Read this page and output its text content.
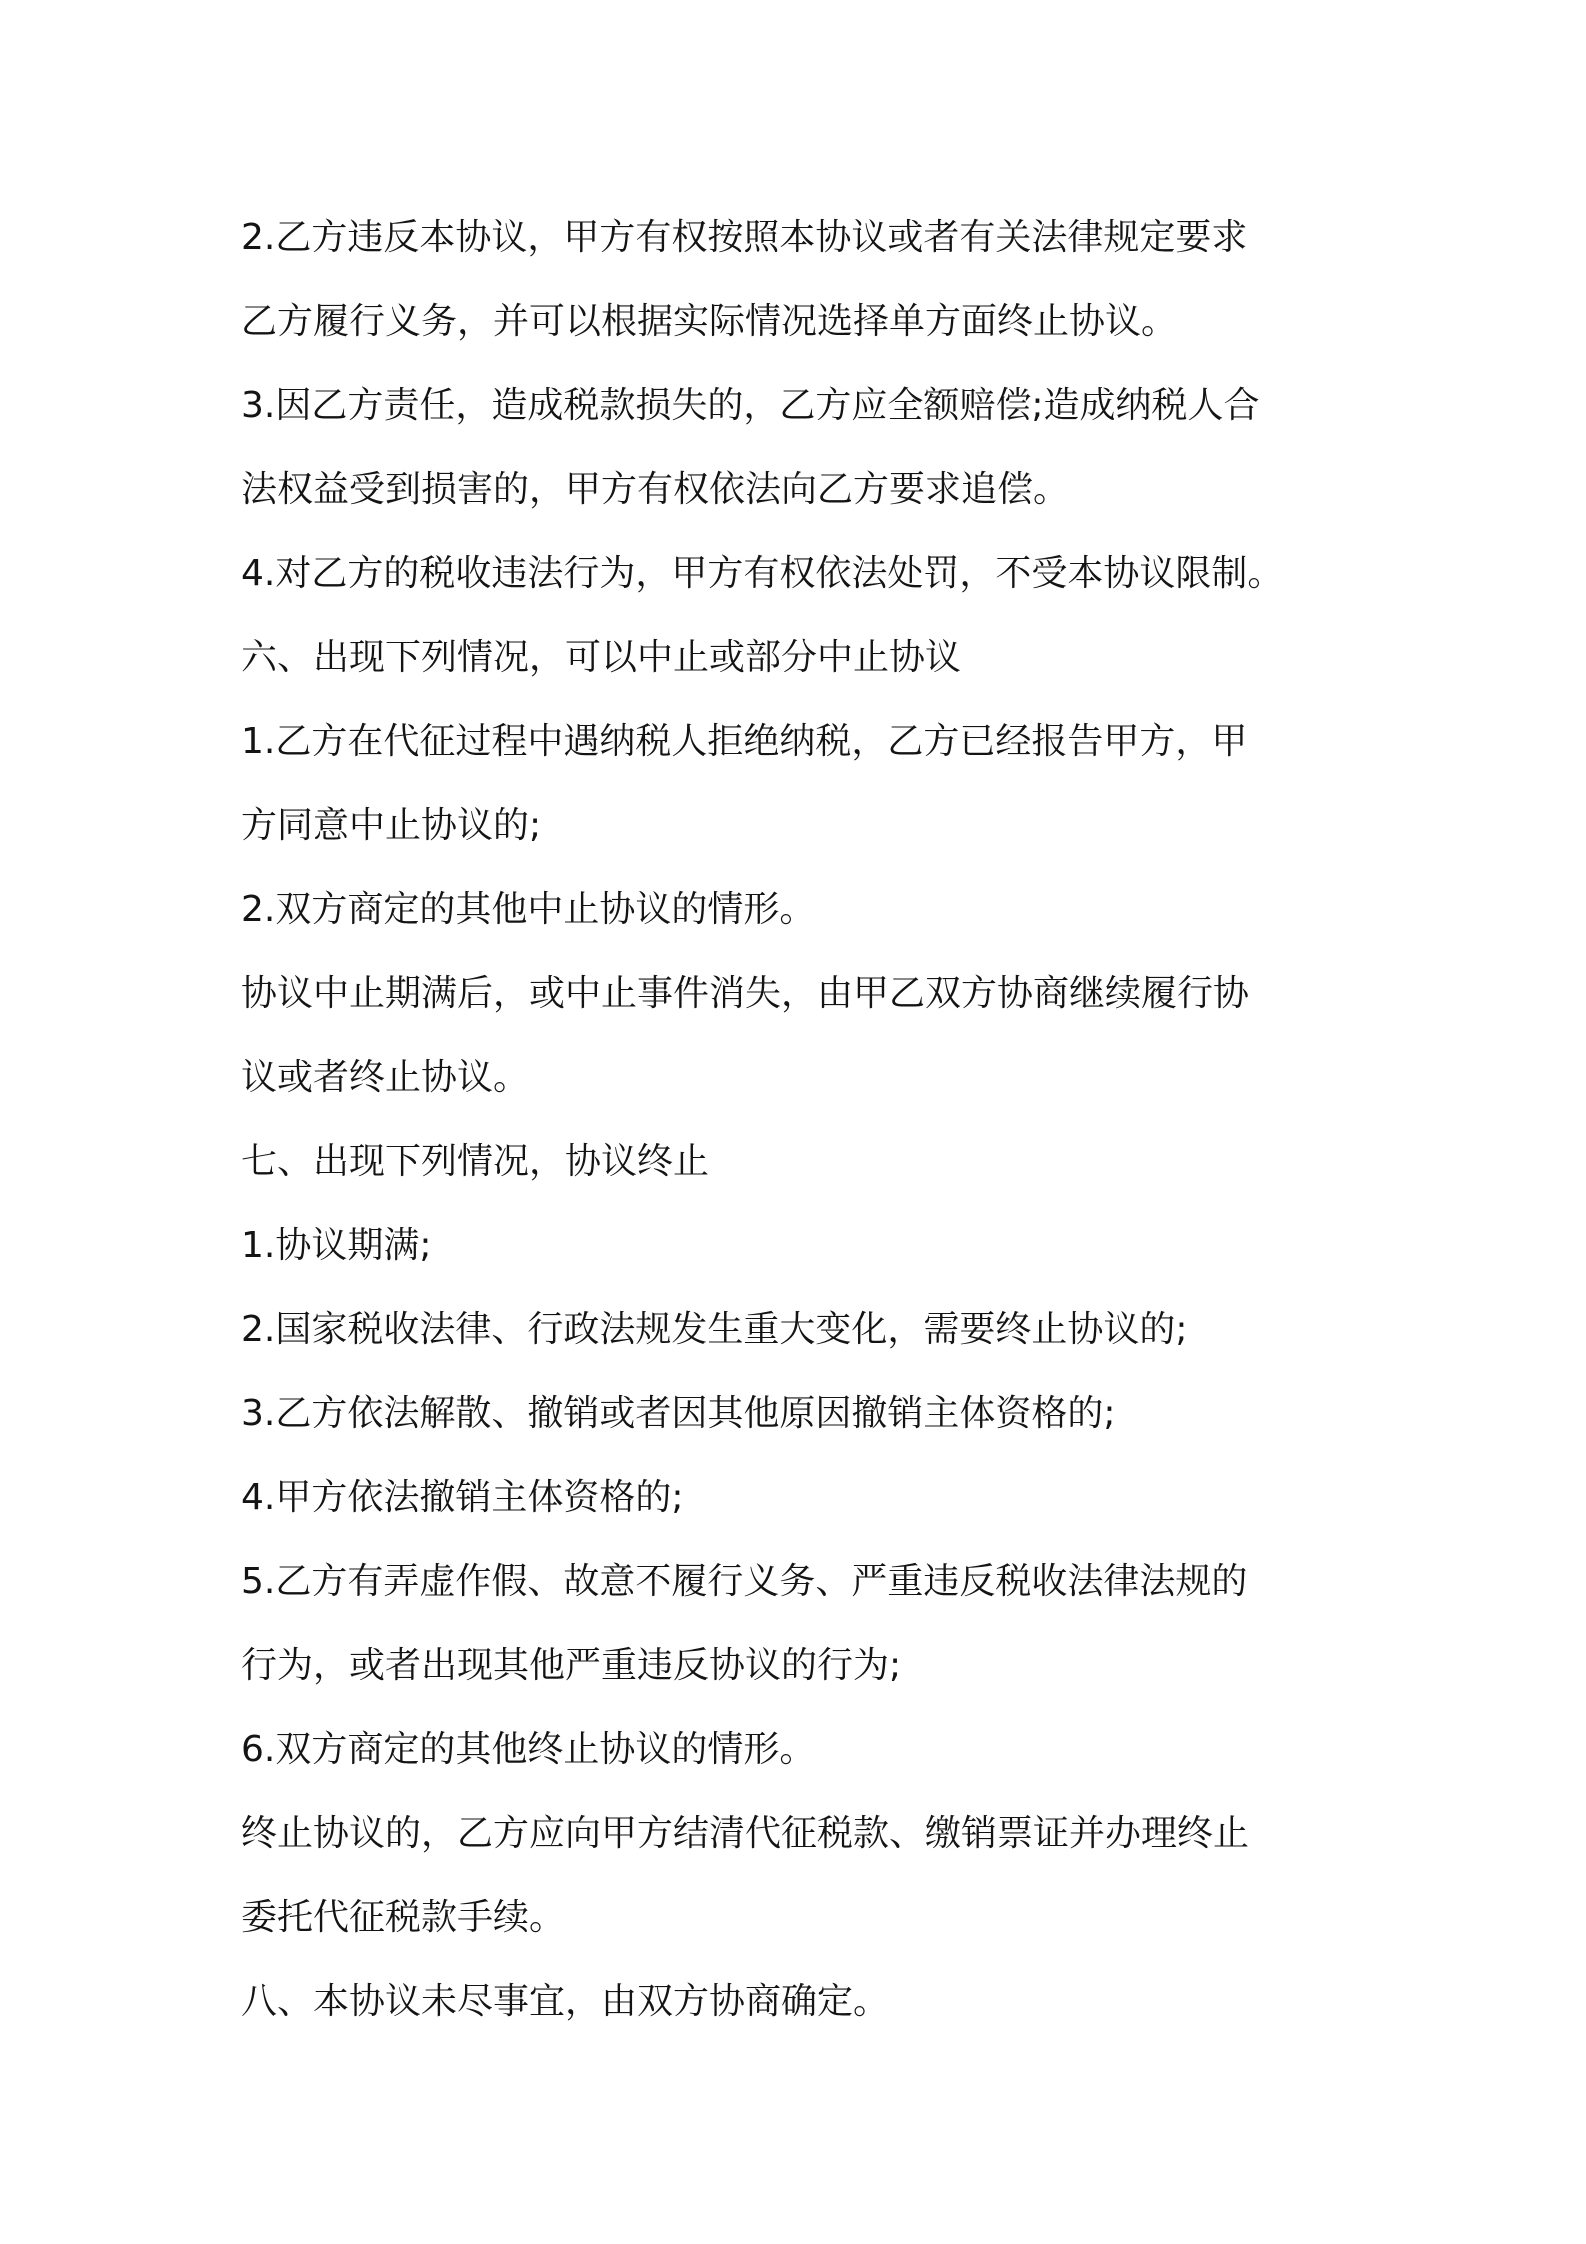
2.乙方违反本协议，甲方有权按照本协议或者有关法律规定要求
乙方履行义务，并可以根据实际情况选择单方面终止协议。
3.因乙方责任，造成税款损失的，乙方应全额赔偿;造成纳税人合
法权益受到损害的，甲方有权依法向乙方要求追偿。
4.对乙方的税收违法行为，甲方有权依法处罚，不受本协议限制。
六、出现下列情况，可以中止或部分中止协议
1.乙方在代征过程中遇纳税人拒绝纳税，乙方已经报告甲方，甲
方同意中止协议的;
2.双方商定的其他中止协议的情形。
协议中止期满后，或中止事件消失，由甲乙双方协商继续履行协
议或者终止协议。
七、出现下列情况，协议终止
1.协议期满;
2.国家税收法律、行政法规发生重大变化，需要终止协议的;
3.乙方依法解散、撤销或者因其他原因撤销主体资格的;
4.甲方依法撤销主体资格的;
5.乙方有弄虚作假、故意不履行义务、严重违反税收法律法规的
行为，或者出现其他严重违反协议的行为;
6.双方商定的其他终止协议的情形。
终止协议的，乙方应向甲方结清代征税款、缴销票证并办理终止
委托代征税款手续。
八、本协议未尽事宜，由双方协商确定。
